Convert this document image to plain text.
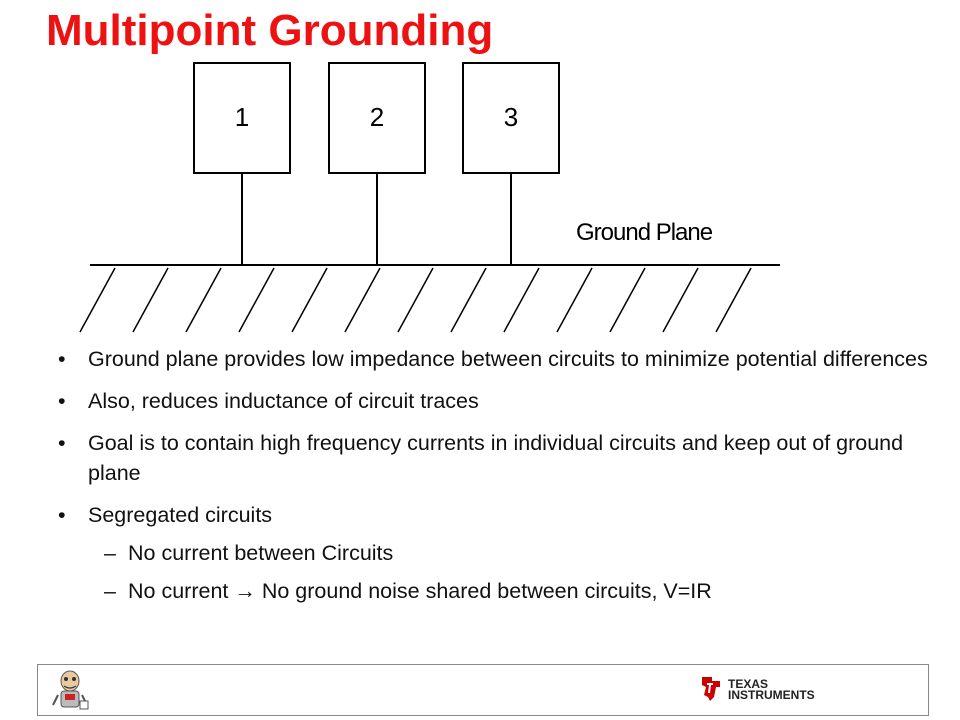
Multipoint Grounding
1	2	3
Ground Plane
• Ground plane provides low impedance between circuits to minimize potential differences
• Also, reduces inductance of circuit traces
• Goal is to contain high frequency currents in individual circuits and keep out of ground plane
• Segregated circuits
– No current between Circuits
– No current → No ground noise shared between circuits, V=IR
TEXAS
INSTRUMENTS
